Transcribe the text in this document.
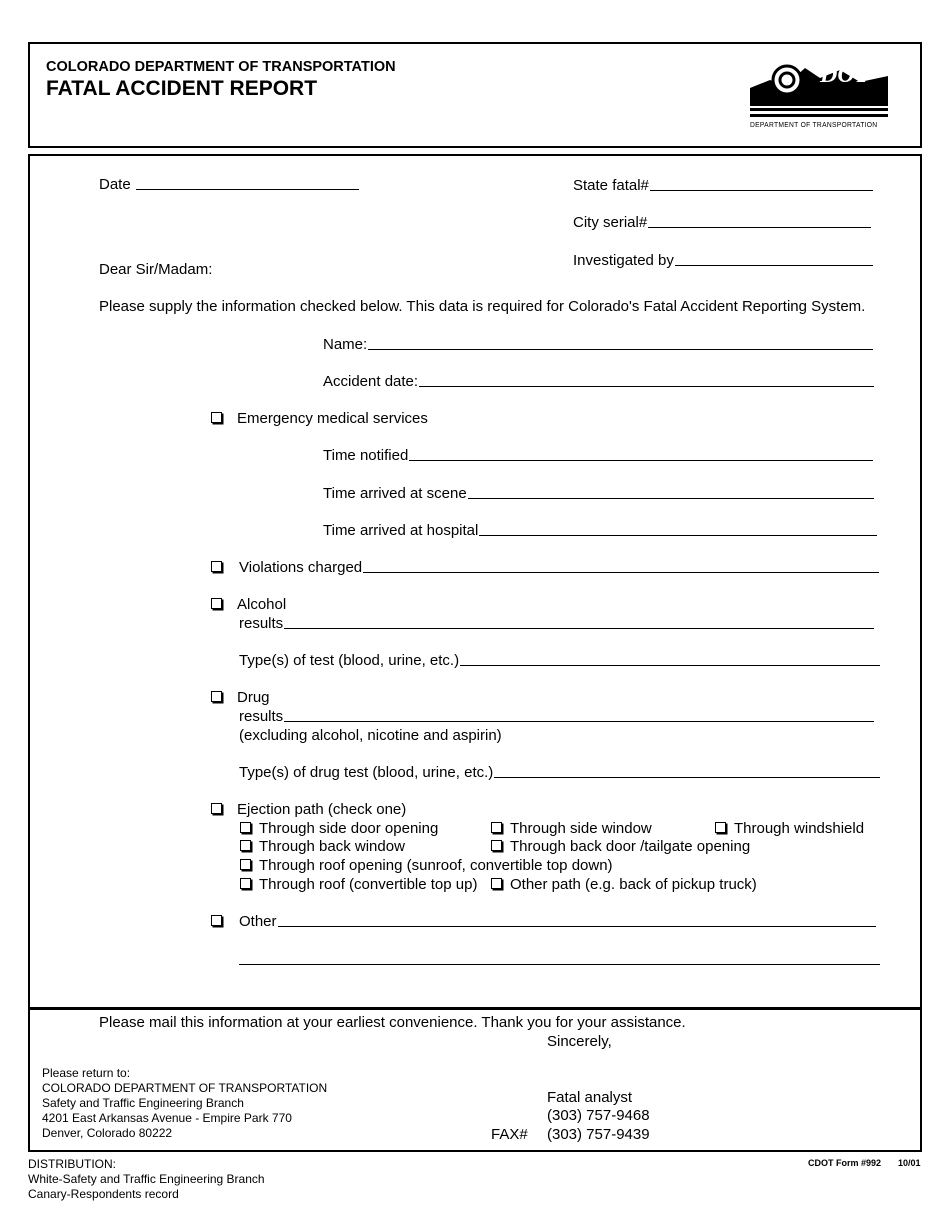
COLORADO DEPARTMENT OF TRANSPORTATION
FATAL ACCIDENT REPORT
DOT
DEPARTMENT OF TRANSPORTATION
Date	State fatal#
City serial#
Investigated by
Dear Sir/Madam:
Please supply the information checked below. This data is required for Colorado's Fatal Accident Reporting System.
Name:
Accident date:
Emergency medical services
Time notified
Time arrived at scene
Time arrived at hospital
Violations charged
Alcohol
results
Type(s) of test (blood, urine, etc.)
Drug
results
(excluding alcohol, nicotine and aspirin)
Type(s) of drug test (blood, urine, etc.)
Ejection path (check one)
Through side door opening	Through side window	Through windshield
Through back window	Through back door /tailgate opening
Through roof opening (sunroof, convertible top down)
Through roof (convertible top up)	Other path (e.g. back of pickup truck)
Other
Please mail this information at your earliest convenience. Thank you for your assistance.
Sincerely,
Please return to:
COLORADO DEPARTMENT OF TRANSPORTATION
Safety and Traffic Engineering Branch
4201 East Arkansas Avenue - Empire Park 770
Denver, Colorado 80222
Fatal analyst
(303) 757-9468
FAX# (303) 757-9439
DISTRIBUTION:
White-Safety and Traffic Engineering Branch
Canary-Respondents record
CDOT Form #992 10/01
